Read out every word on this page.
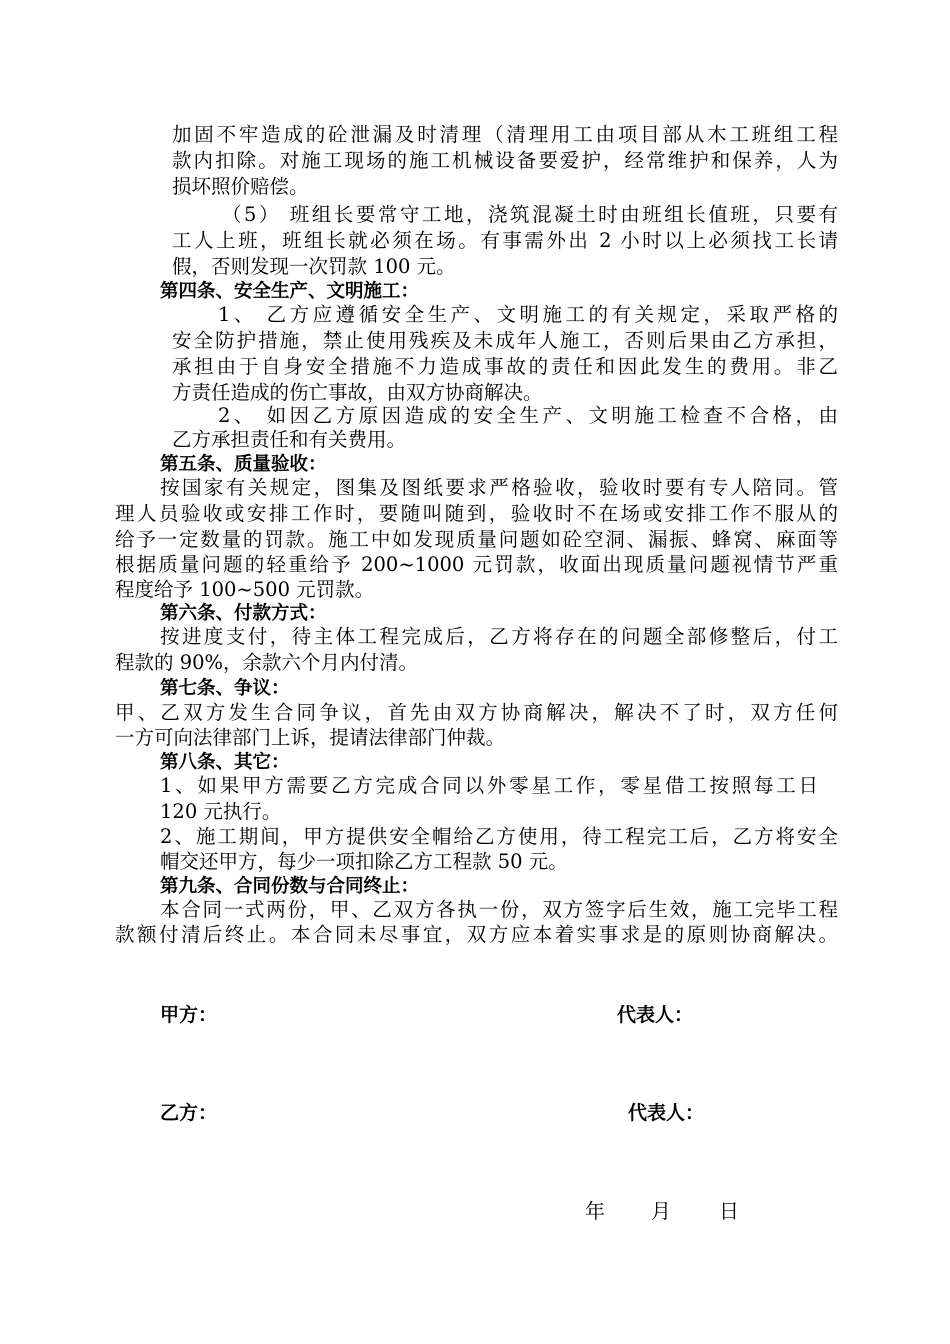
加固不牢造成的砼泄漏及时清理（清理用工由项目部从木工班组工程
款内扣除。对施工现场的施工机械设备要爱护，经常维护和保养，人为
损坏照价赔偿。
（5） 班组长要常守工地，浇筑混凝土时由班组长值班，只要有
工人上班，班组长就必须在场。有事需外出 2 小时以上必须找工长请
假，否则发现一次罚款 100 元。
第四条、安全生产、文明施工：
1、 乙方应遵循安全生产、文明施工的有关规定，采取严格的
安全防护措施，禁止使用残疾及未成年人施工，否则后果由乙方承担，
承担由于自身安全措施不力造成事故的责任和因此发生的费用。非乙
方责任造成的伤亡事故，由双方协商解决。
2、 如因乙方原因造成的安全生产、文明施工检查不合格，由
乙方承担责任和有关费用。
第五条、质量验收：
按国家有关规定，图集及图纸要求严格验收，验收时要有专人陪同。管
理人员验收或安排工作时，要随叫随到，验收时不在场或安排工作不服从的
给予一定数量的罚款。施工中如发现质量问题如砼空洞、漏振、蜂窝、麻面等
根据质量问题的轻重给予 200~1000 元罚款，收面出现质量问题视情节严重
程度给予 100~500 元罚款。
第六条、付款方式：
按进度支付，待主体工程完成后，乙方将存在的问题全部修整后，付工
程款的 90%，余款六个月内付清。
第七条、争议：
甲、乙双方发生合同争议，首先由双方协商解决，解决不了时，双方任何
一方可向法律部门上诉，提请法律部门仲裁。
第八条、其它：
1、如果甲方需要乙方完成合同以外零星工作，零星借工按照每工日
120 元执行。
2、施工期间，甲方提供安全帽给乙方使用，待工程完工后，乙方将安全
帽交还甲方，每少一项扣除乙方工程款 50 元。
第九条、合同份数与合同终止：
本合同一式两份，甲、乙双方各执一份，双方签字后生效，施工完毕工程
款额付清后终止。本合同未尽事宜，双方应本着实事求是的原则协商解决。
甲方：	代表人：
乙方：	代表人：
年 月 日
